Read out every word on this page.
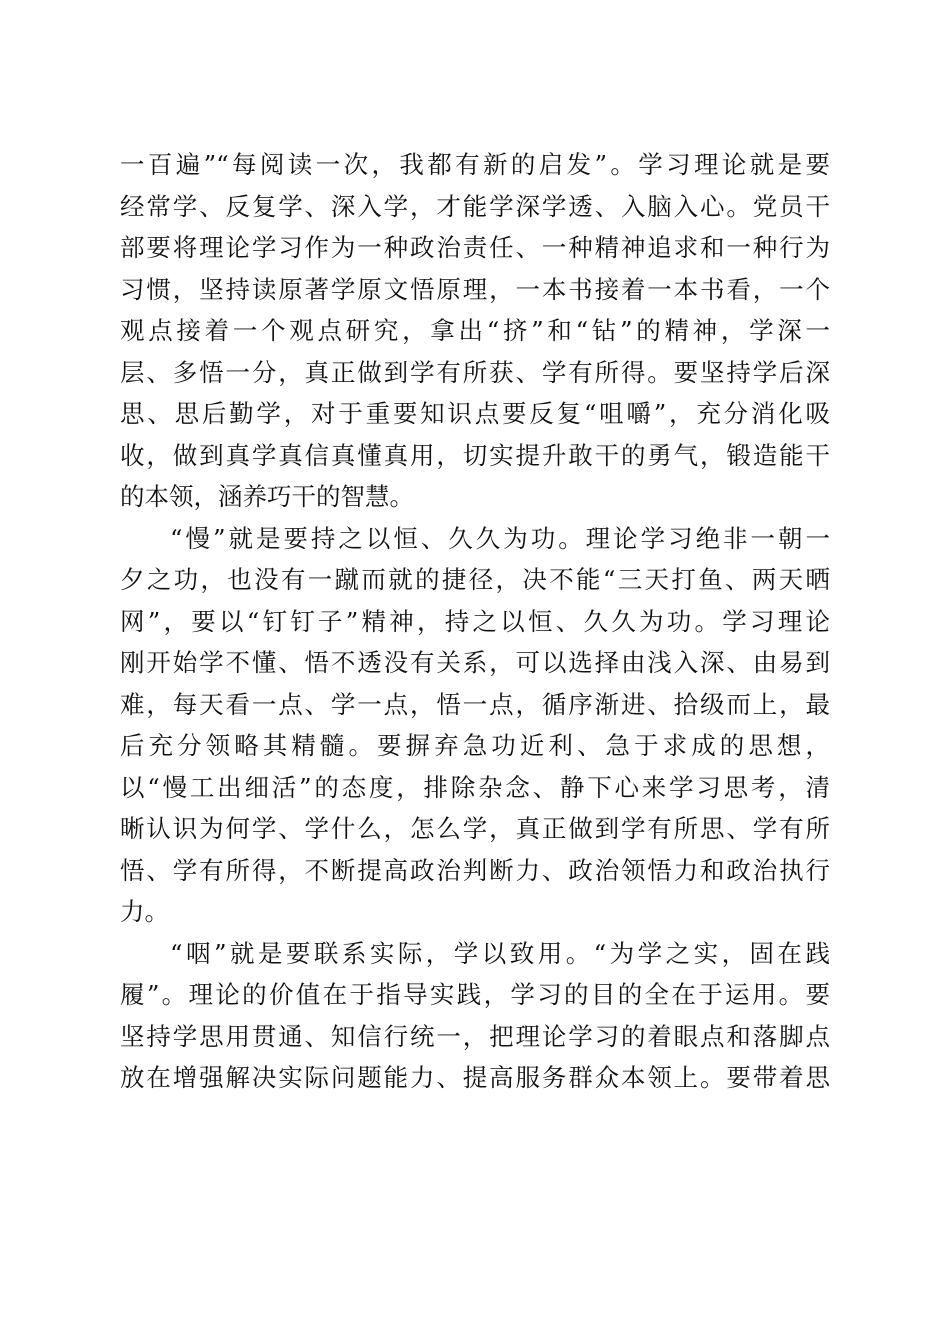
一百遍”“每阅读一次，我都有新的启发”。学习理论就是要
经常学、反复学、深入学，才能学深学透、入脑入心。党员干
部要将理论学习作为一种政治责任、一种精神追求和一种行为
习惯，坚持读原著学原文悟原理，一本书接着一本书看，一个
观点接着一个观点研究，拿出“挤”和“钻”的精神，学深一
层、多悟一分，真正做到学有所获、学有所得。要坚持学后深
思、思后勤学，对于重要知识点要反复“咀嚼”，充分消化吸
收，做到真学真信真懂真用，切实提升敢干的勇气，锻造能干
的本领，涵养巧干的智慧。
“慢”就是要持之以恒、久久为功。理论学习绝非一朝一
夕之功，也没有一蹴而就的捷径，决不能“三天打鱼、两天晒
网”，要以“钉钉子”精神，持之以恒、久久为功。学习理论
刚开始学不懂、悟不透没有关系，可以选择由浅入深、由易到
难，每天看一点、学一点，悟一点，循序渐进、拾级而上，最
后充分领略其精髓。要摒弃急功近利、急于求成的思想，
以“慢工出细活”的态度，排除杂念、静下心来学习思考，清
晰认识为何学、学什么，怎么学，真正做到学有所思、学有所
悟、学有所得，不断提高政治判断力、政治领悟力和政治执行
力。
“咽”就是要联系实际，学以致用。“为学之实，固在践
履”。理论的价值在于指导实践，学习的目的全在于运用。要
坚持学思用贯通、知信行统一，把理论学习的着眼点和落脚点
放在增强解决实际问题能力、提高服务群众本领上。要带着思
